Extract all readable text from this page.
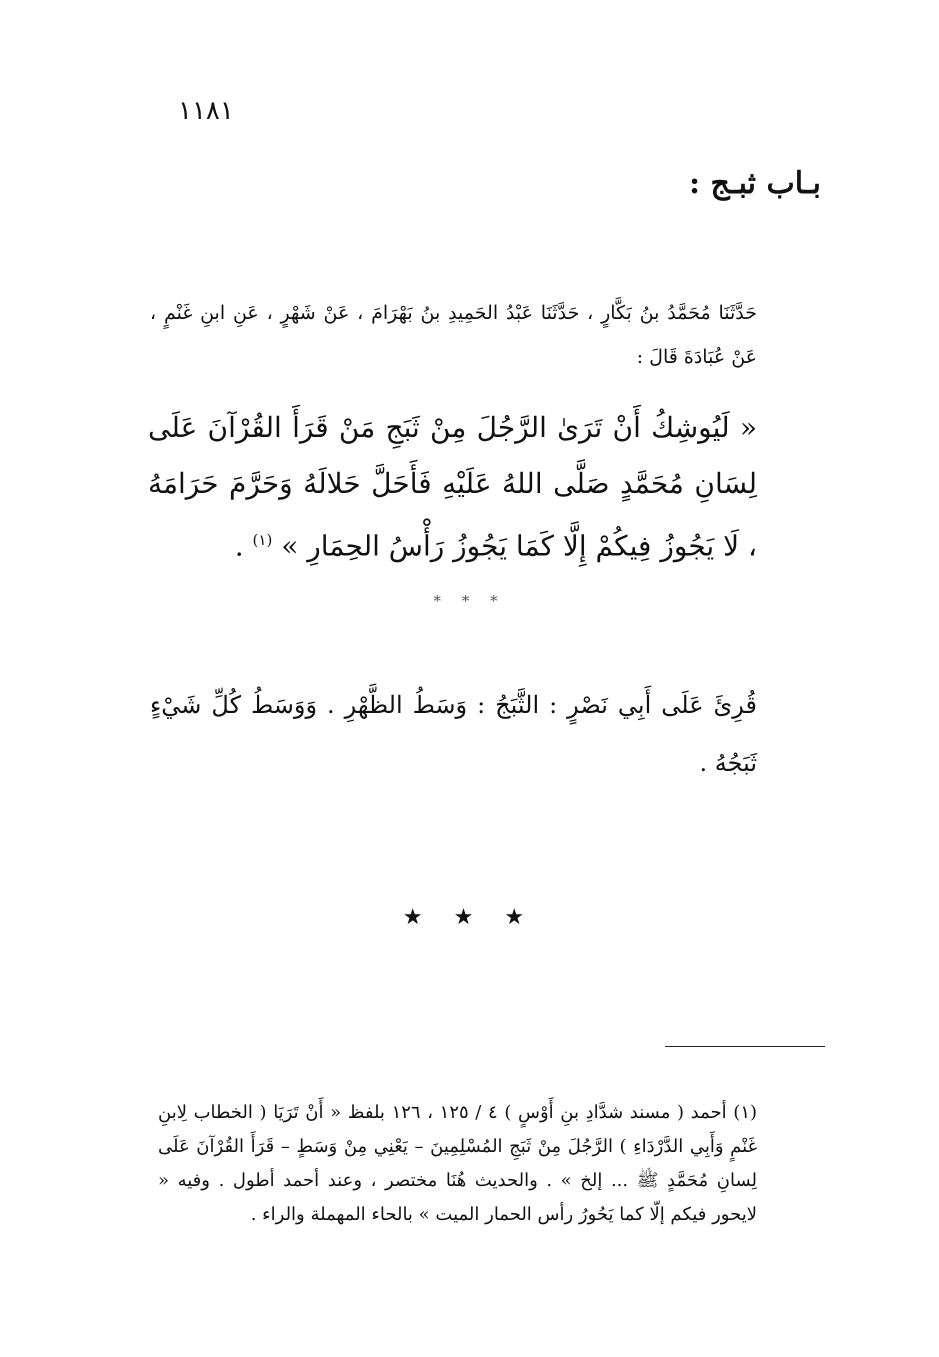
١١٨١
بـاب ثبـج :

حَدَّثَنَا مُحَمَّدُ بنُ بَكَّارٍ ، حَدَّثَنَا عَبْدُ الحَمِيدِ بنُ بَهْرَامَ ، عَنْ شَهْرٍ ، عَنِ ابنِ غَنْمٍ ، عَنْ عُبَادَةَ قَالَ :

« لَيُوشِكُ أَنْ تَرَىٰ الرَّجُلَ مِنْ ثَبَجِ مَنْ قَرَأَ القُرْآنَ عَلَى لِسَانِ مُحَمَّدٍ صَلَّى اللهُ عَلَيْهِ فَأَحَلَّ حَلالَهُ وَحَرَّمَ حَرَامَهُ ، لَا يَجُوزُ فِيكُمْ إِلَّا كَمَا يَجُوزُ رَأْسُ الحِمَارِ » $^{(١)}$ .

* * *

قُرِئَ عَلَى أَبِي نَصْرٍ : الثَّبَجُ : وَسَطُ الظَّهْرِ . وَوَسَطُ كُلِّ شَيْءٍ ثَبَجُهُ .

★ ★ ★

(١) أحمد ( مسند شدَّادِ بنِ أَوْسٍ ) ٤ / ١٢٥ ، ١٢٦ بلفظ « أَنْ تَرَيَا ( الخطاب لِابنِ غَنْمٍ وَأَبِي الدَّرْدَاءِ ) الرَّجُلَ مِنْ ثَبَجِ المُسْلِمِينَ – يَعْنِي مِنْ وَسَطٍ – قَرَأَ القُرْآنَ عَلَى لِسانِ مُحَمَّدٍ ﷺ ... إلخ » . والحديث هُنَا مختصر ، وعند أحمد أطول . وفيه « لايحور فيكم إلّا كما يَحُورُ رأس الحمار الميت » بالحاء المهملة والراء .
